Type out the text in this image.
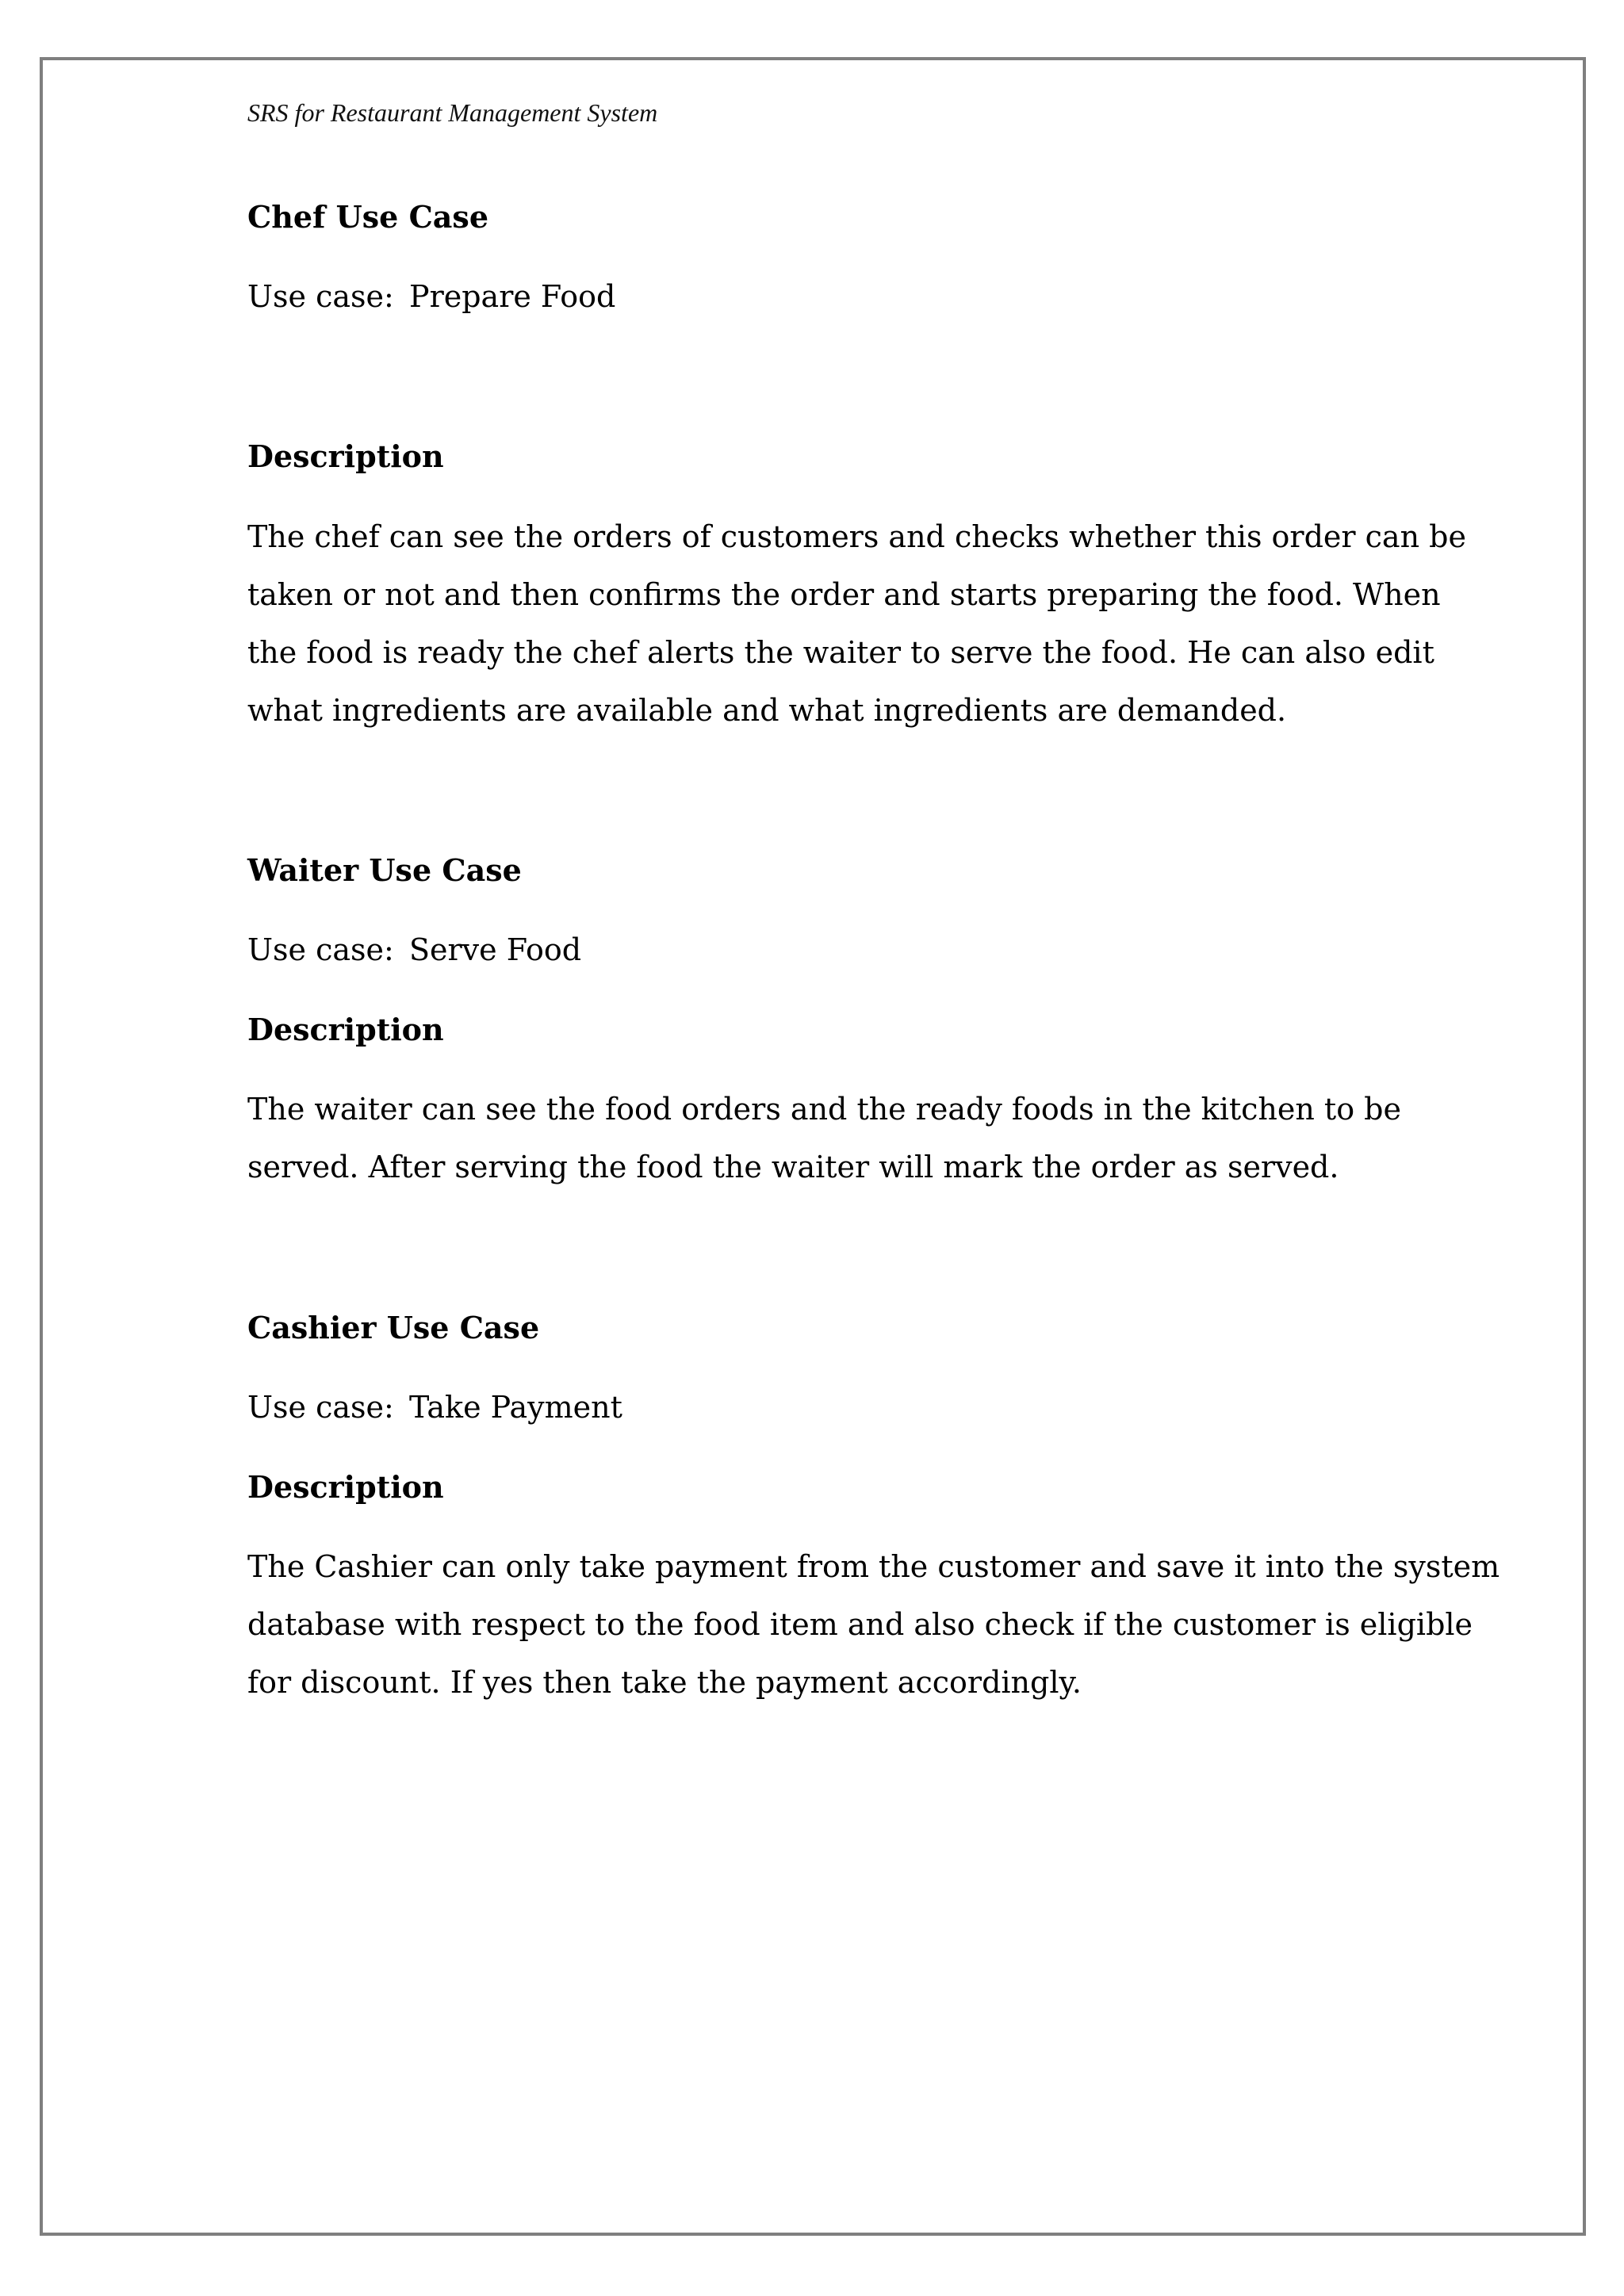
SRS for Restaurant Management System
Chef Use Case
Use case: Prepare Food
Description
The chef can see the orders of customers and checks whether this order can be
taken or not and then confirms the order and starts preparing the food. When
the food is ready the chef alerts the waiter to serve the food. He can also edit
what ingredients are available and what ingredients are demanded.
Waiter Use Case
Use case: Serve Food
Description
The waiter can see the food orders and the ready foods in the kitchen to be
served. After serving the food the waiter will mark the order as served.
Cashier Use Case
Use case: Take Payment
Description
The Cashier can only take payment from the customer and save it into the system
database with respect to the food item and also check if the customer is eligible
for discount. If yes then take the payment accordingly.
